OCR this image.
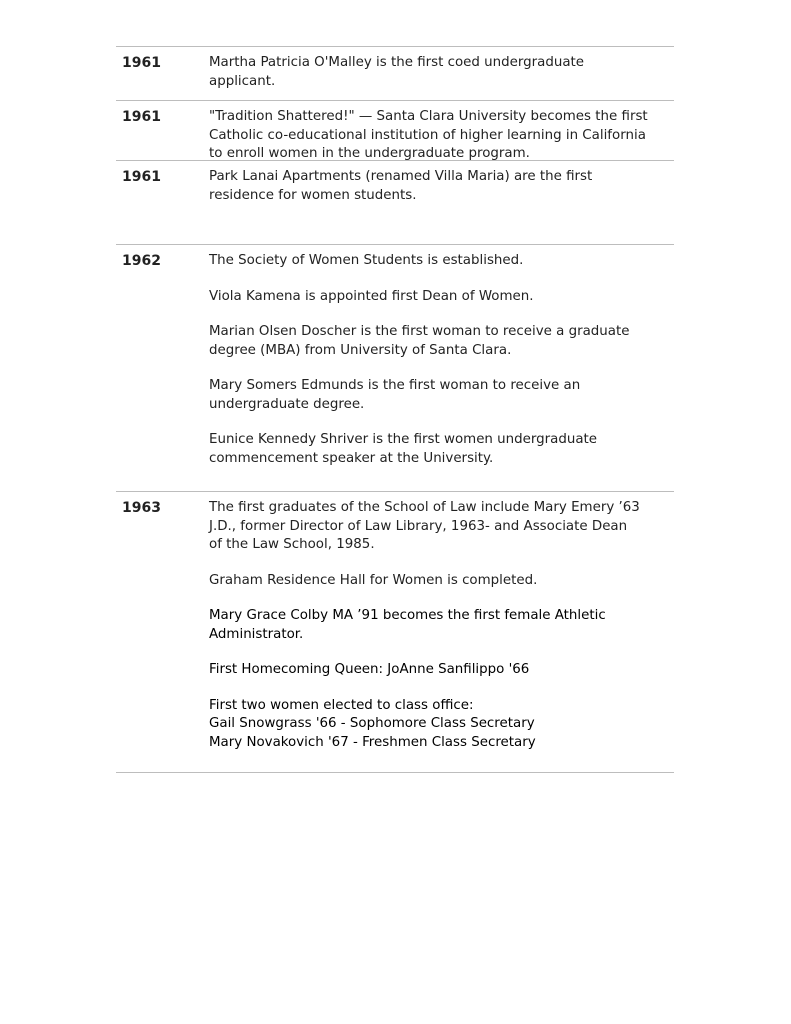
1961	Martha Patricia O'Malley is the first coed undergraduate
applicant.

1961	"Tradition Shattered!" — Santa Clara University becomes the first
Catholic co-educational institution of higher learning in California
to enroll women in the undergraduate program.

1961	Park Lanai Apartments (renamed Villa Maria) are the first
residence for women students.

1962	The Society of Women Students is established.

Viola Kamena is appointed first Dean of Women.

Marian Olsen Doscher is the first woman to receive a graduate
degree (MBA) from University of Santa Clara.

Mary Somers Edmunds is the first woman to receive an
undergraduate degree.

Eunice Kennedy Shriver is the first women undergraduate
commencement speaker at the University.

1963	The first graduates of the School of Law include Mary Emery ’63
J.D., former Director of Law Library, 1963- and Associate Dean
of the Law School, 1985.

Graham Residence Hall for Women is completed.

Mary Grace Colby MA ’91 becomes the first female Athletic
Administrator.

First Homecoming Queen: JoAnne Sanfilippo '66

First two women elected to class office:
Gail Snowgrass '66 - Sophomore Class Secretary
Mary Novakovich '67 - Freshmen Class Secretary
